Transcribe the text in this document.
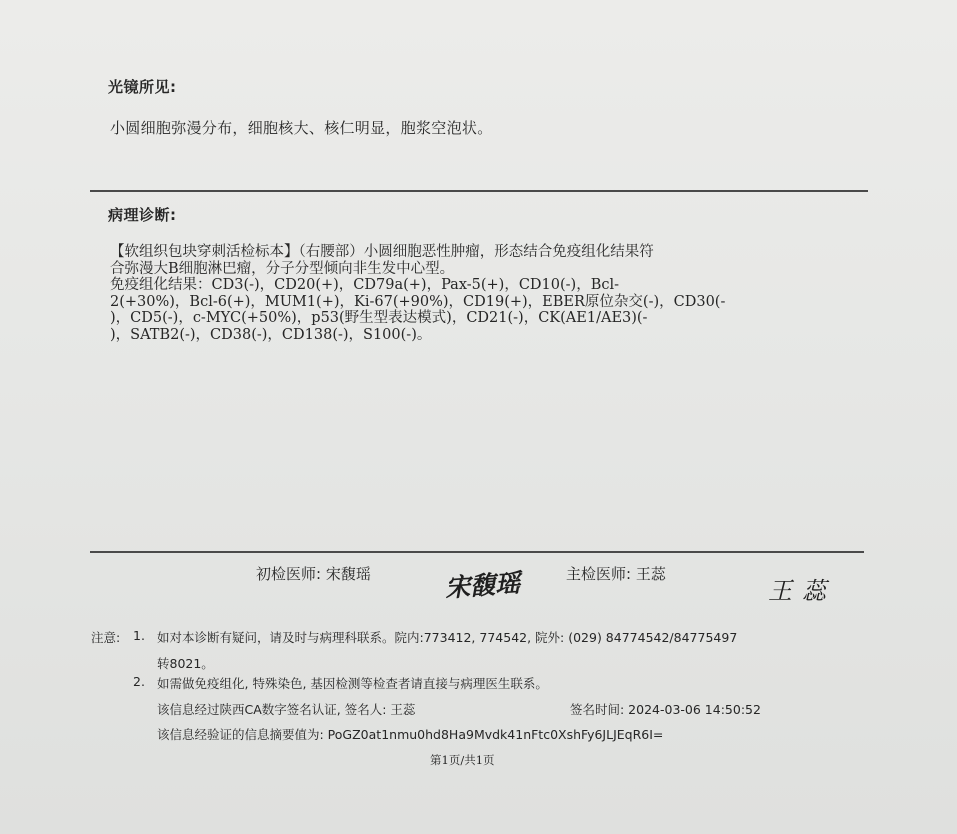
光镜所见:
小圆细胞弥漫分布，细胞核大、核仁明显，胞浆空泡状。
病理诊断:
【软组织包块穿刺活检标本】（右腰部）小圆细胞恶性肿瘤，形态结合免疫组化结果符
合弥漫大B细胞淋巴瘤，分子分型倾向非生发中心型。
免疫组化结果：CD3(-)，CD20(+)，CD79a(+)，Pax-5(+)，CD10(-)，Bcl-
2(+30%)，Bcl-6(+)，MUM1(+)，Ki-67(+90%)，CD19(+)，EBER原位杂交(-)，CD30(-
)，CD5(-)，c-MYC(+50%)，p53(野生型表达模式)，CD21(-)，CK(AE1/AE3)(-
)，SATB2(-)，CD38(-)，CD138(-)，S100(-)。
初检医师: 宋馥瑶	宋馥瑶	主检医师: 王蕊
王蕊
注意: 1. 如对本诊断有疑问，请及时与病理科联系。院内:773412, 774542, 院外: (029) 84774542/84775497
转8021。
2. 如需做免疫组化, 特殊染色, 基因检测等检查者请直接与病理医生联系。
该信息经过陕西CA数字签名认证, 签名人: 王蕊	签名时间: 2024-03-06 14:50:52
该信息经验证的信息摘要值为: PoGZ0at1nmu0hd8Ha9Mvdk41nFtc0XshFy6JLJEqR6I=
第1页/共1页
